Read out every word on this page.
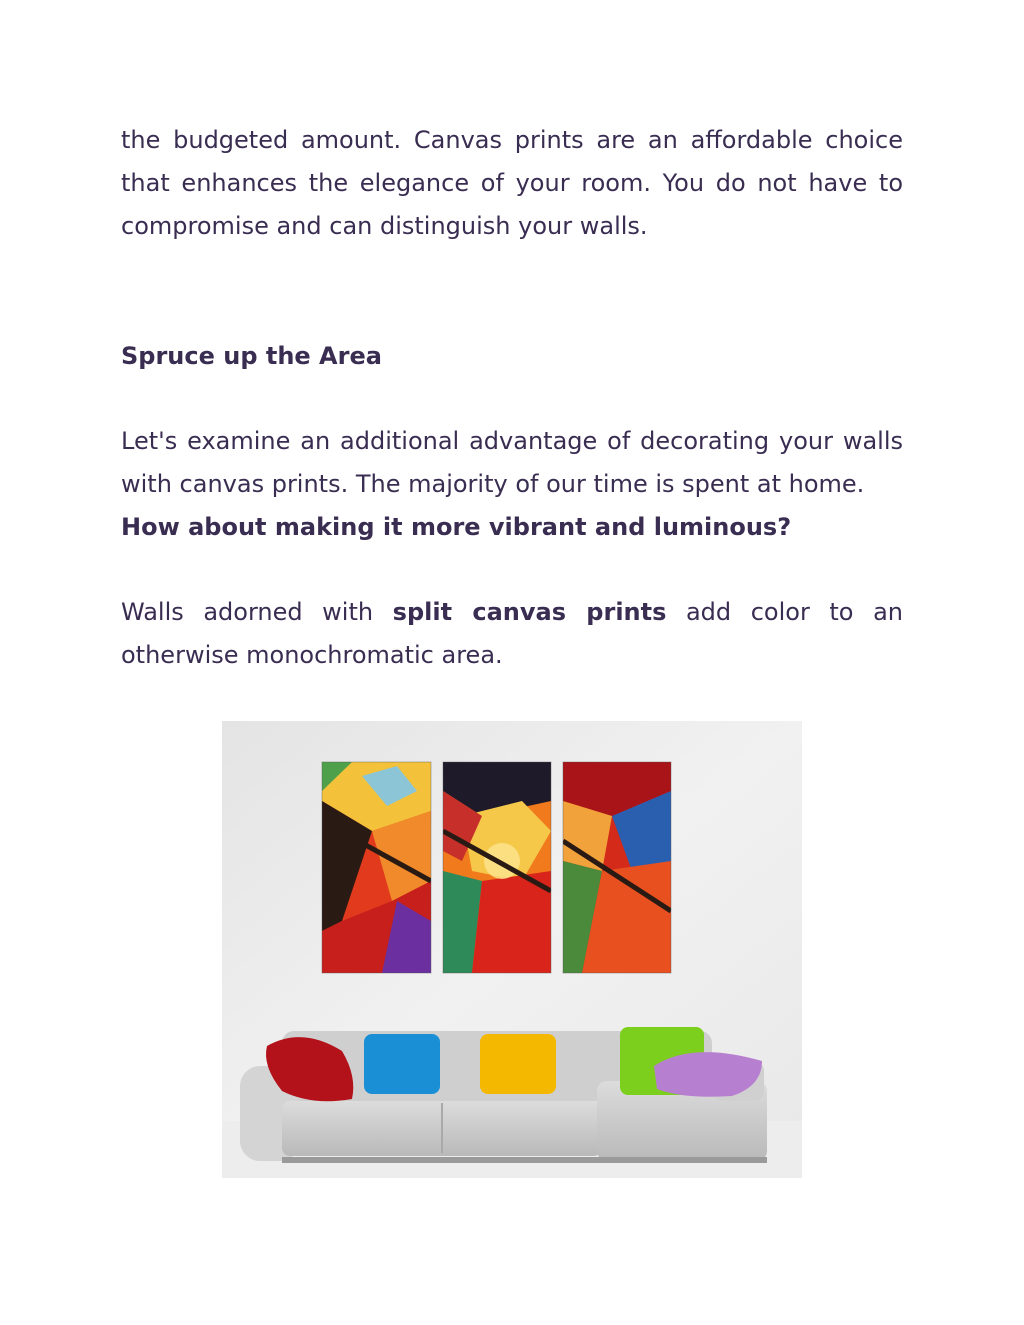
the budgeted amount. Canvas prints are an affordable choice that enhances the elegance of your room. You do not have to compromise and can distinguish your walls.

Spruce up the Area

Let's examine an additional advantage of decorating your walls with canvas prints. The majority of our time is spent at home.
How about making it more vibrant and luminous?

Walls adorned with split canvas prints add color to an otherwise monochromatic area.
